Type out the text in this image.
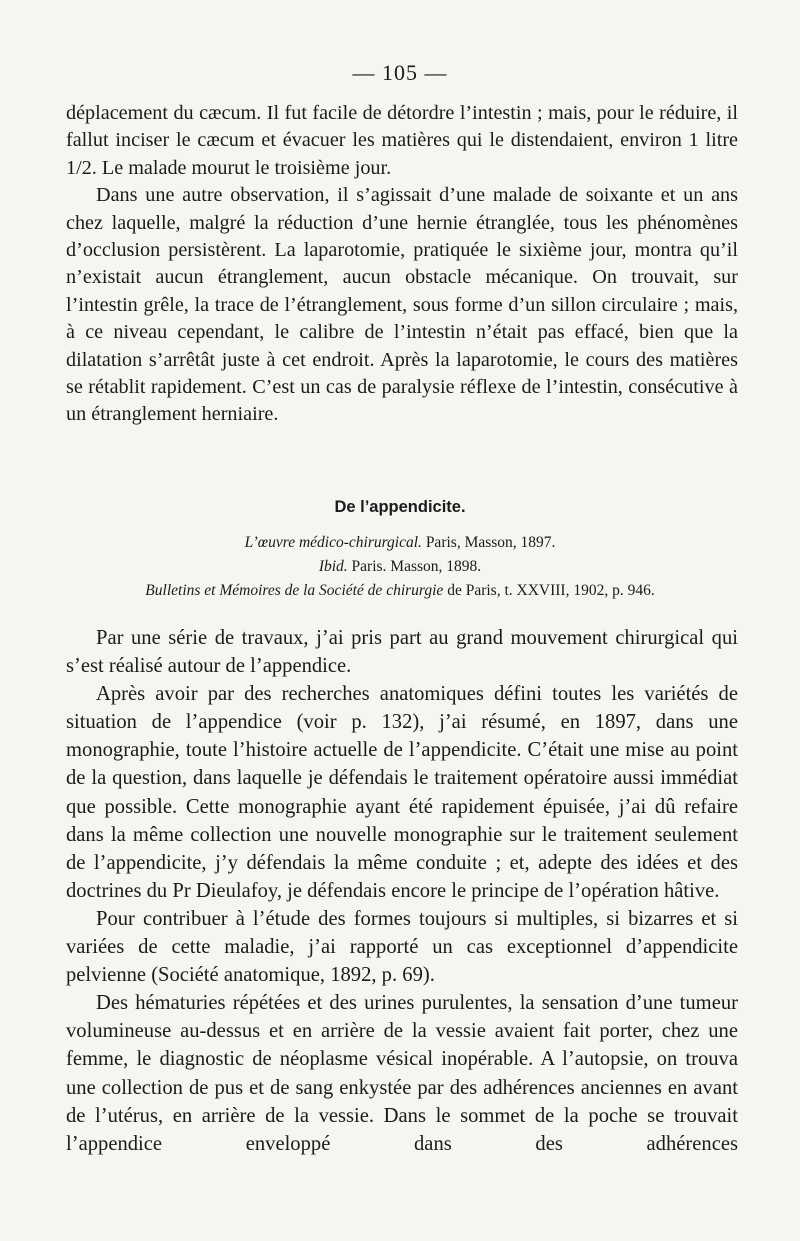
— 105 —

déplacement du cæcum. Il fut facile de détordre l’intestin ; mais, pour le réduire, il fallut inciser le cæcum et évacuer les matières qui le distendaient, environ 1 litre 1/2. Le malade mourut le troisième jour.

Dans une autre observation, il s’agissait d’une malade de soixante et un ans chez laquelle, malgré la réduction d’une hernie étranglée, tous les phénomènes d’occlusion persistèrent. La laparotomie, pratiquée le sixième jour, montra qu’il n’existait aucun étranglement, aucun obstacle mécanique. On trouvait, sur l’intestin grêle, la trace de l’étranglement, sous forme d’un sillon circulaire ; mais, à ce niveau cependant, le calibre de l’intestin n’était pas effacé, bien que la dilatation s’arrêtât juste à cet endroit. Après la laparotomie, le cours des matières se rétablit rapidement. C’est un cas de paralysie réflexe de l’intestin, consécutive à un étranglement herniaire.

De l’appendicite.
L’œuvre médico-chirurgical. Paris, Masson, 1897.
Ibid. Paris. Masson, 1898.
Bulletins et Mémoires de la Société de chirurgie de Paris, t. XXVIII, 1902, p. 946.

Par une série de travaux, j’ai pris part au grand mouvement chirurgical qui s’est réalisé autour de l’appendice.

Après avoir par des recherches anatomiques défini toutes les variétés de situation de l’appendice (voir p. 132), j’ai résumé, en 1897, dans une monographie, toute l’histoire actuelle de l’appendicite. C’était une mise au point de la question, dans laquelle je défendais le traitement opératoire aussi immédiat que possible. Cette monographie ayant été rapidement épuisée, j’ai dû refaire dans la même collection une nouvelle monographie sur le traitement seulement de l’appendicite, j’y défendais la même conduite ; et, adepte des idées et des doctrines du Pr Dieulafoy, je défendais encore le principe de l’opération hâtive.

Pour contribuer à l’étude des formes toujours si multiples, si bizarres et si variées de cette maladie, j’ai rapporté un cas exceptionnel d’appendicite pelvienne (Société anatomique, 1892, p. 69).

Des hématuries répétées et des urines purulentes, la sensation d’une tumeur volumineuse au-dessus et en arrière de la vessie avaient fait porter, chez une femme, le diagnostic de néoplasme vésical inopérable. A l’autopsie, on trouva une collection de pus et de sang enkystée par des adhérences anciennes en avant de l’utérus, en arrière de la vessie. Dans le sommet de la poche se trouvait l’appendice enveloppé dans des adhérences
